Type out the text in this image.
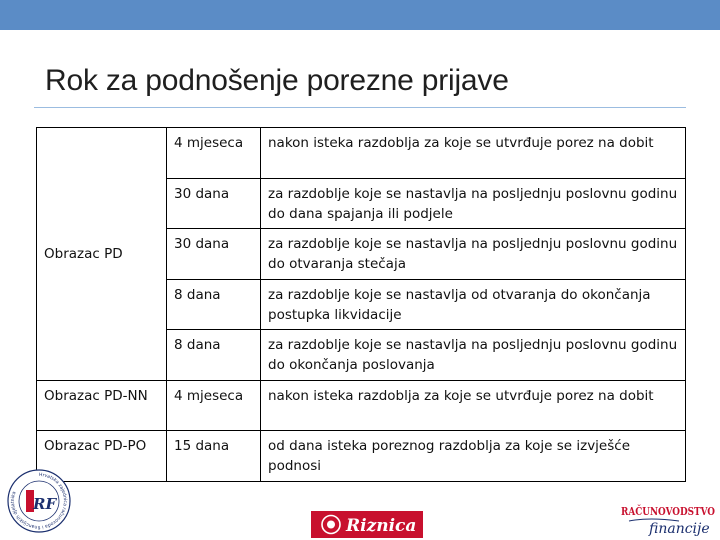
Rok za podnošenje porezne prijave
Obrazac PD	4 mjeseca	nakon isteka razdoblja za koje se utvrđuje porez na dobit
	30 dana	za razdoblje koje se nastavlja na posljednju poslovnu godinu do dana spajanja ili podjele
	30 dana	za razdoblje koje se nastavlja na posljednju poslovnu godinu do otvaranja stečaja
	8 dana	za razdoblje koje se nastavlja od otvaranja do okončanja postupka likvidacije
	8 dana	za razdoblje koje se nastavlja na posljednju poslovnu godinu do okončanja poslovanja
Obrazac PD-NN	4 mjeseca	nakon isteka razdoblja za koje se utvrđuje porez na dobit
Obrazac PD-PO	15 dana	od dana isteka poreznog razdoblja za koje se izvješće podnosi
Hrvatska zajednica računovođa i financijskih djelatnika
RF
Riznica
RAČUNOVODSTVO
financije
